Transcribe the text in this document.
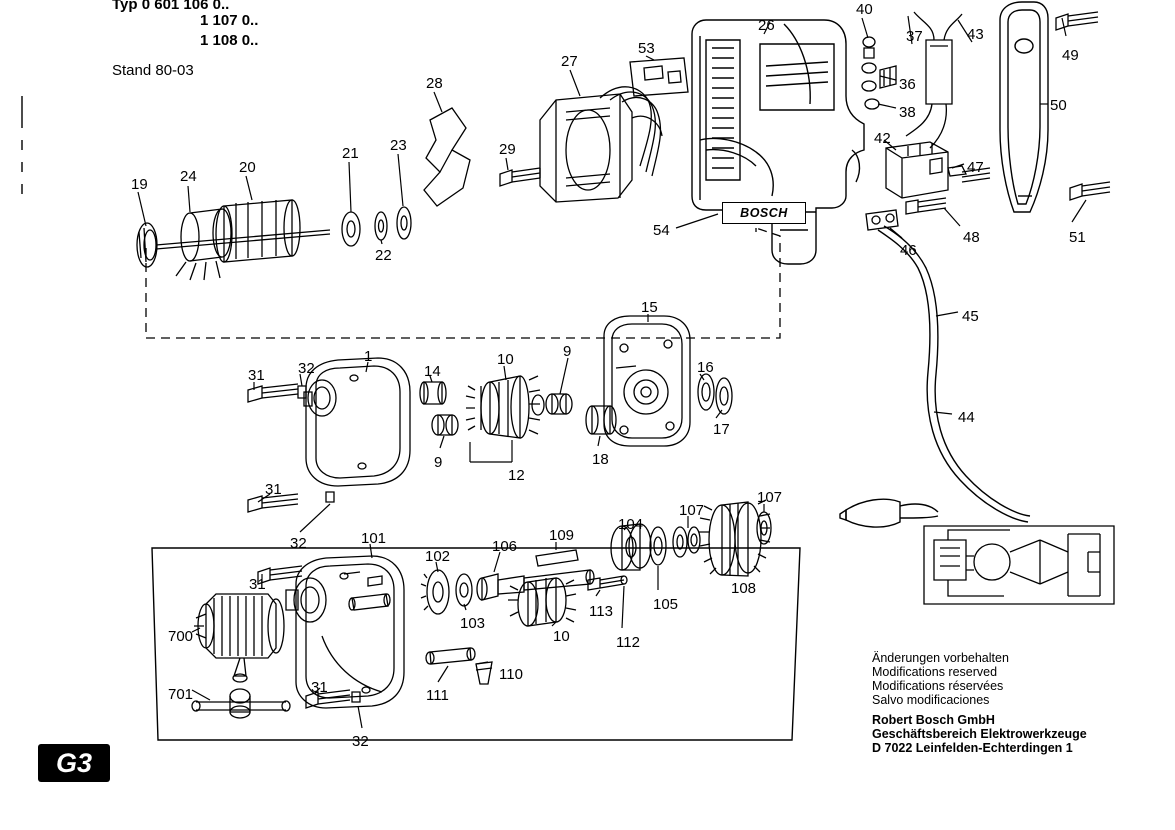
Typ 0 601 106 0..
1 107 0..
1 108 0..
Stand 80-03
BOSCH
G3
Änderungen vorbehalten
Modifications reserved
Modifications réservées
Salvo modificaciones
Robert Bosch GmbH
Geschäftsbereich Elektrowerkzeuge
D 7022 Leinfelden-Echterdingen 1
19 24
20
21 23
22
28
29
27
53
26
40
37	43
49
36
38	50
42
47
48
46
51
54
45
44
15
16
17
9
10
14
1
32
31
9
12
18
31
32	101
31
102
103
106
109
104
107
107
105
108
113
112
10
700
701
110
111
31
32
